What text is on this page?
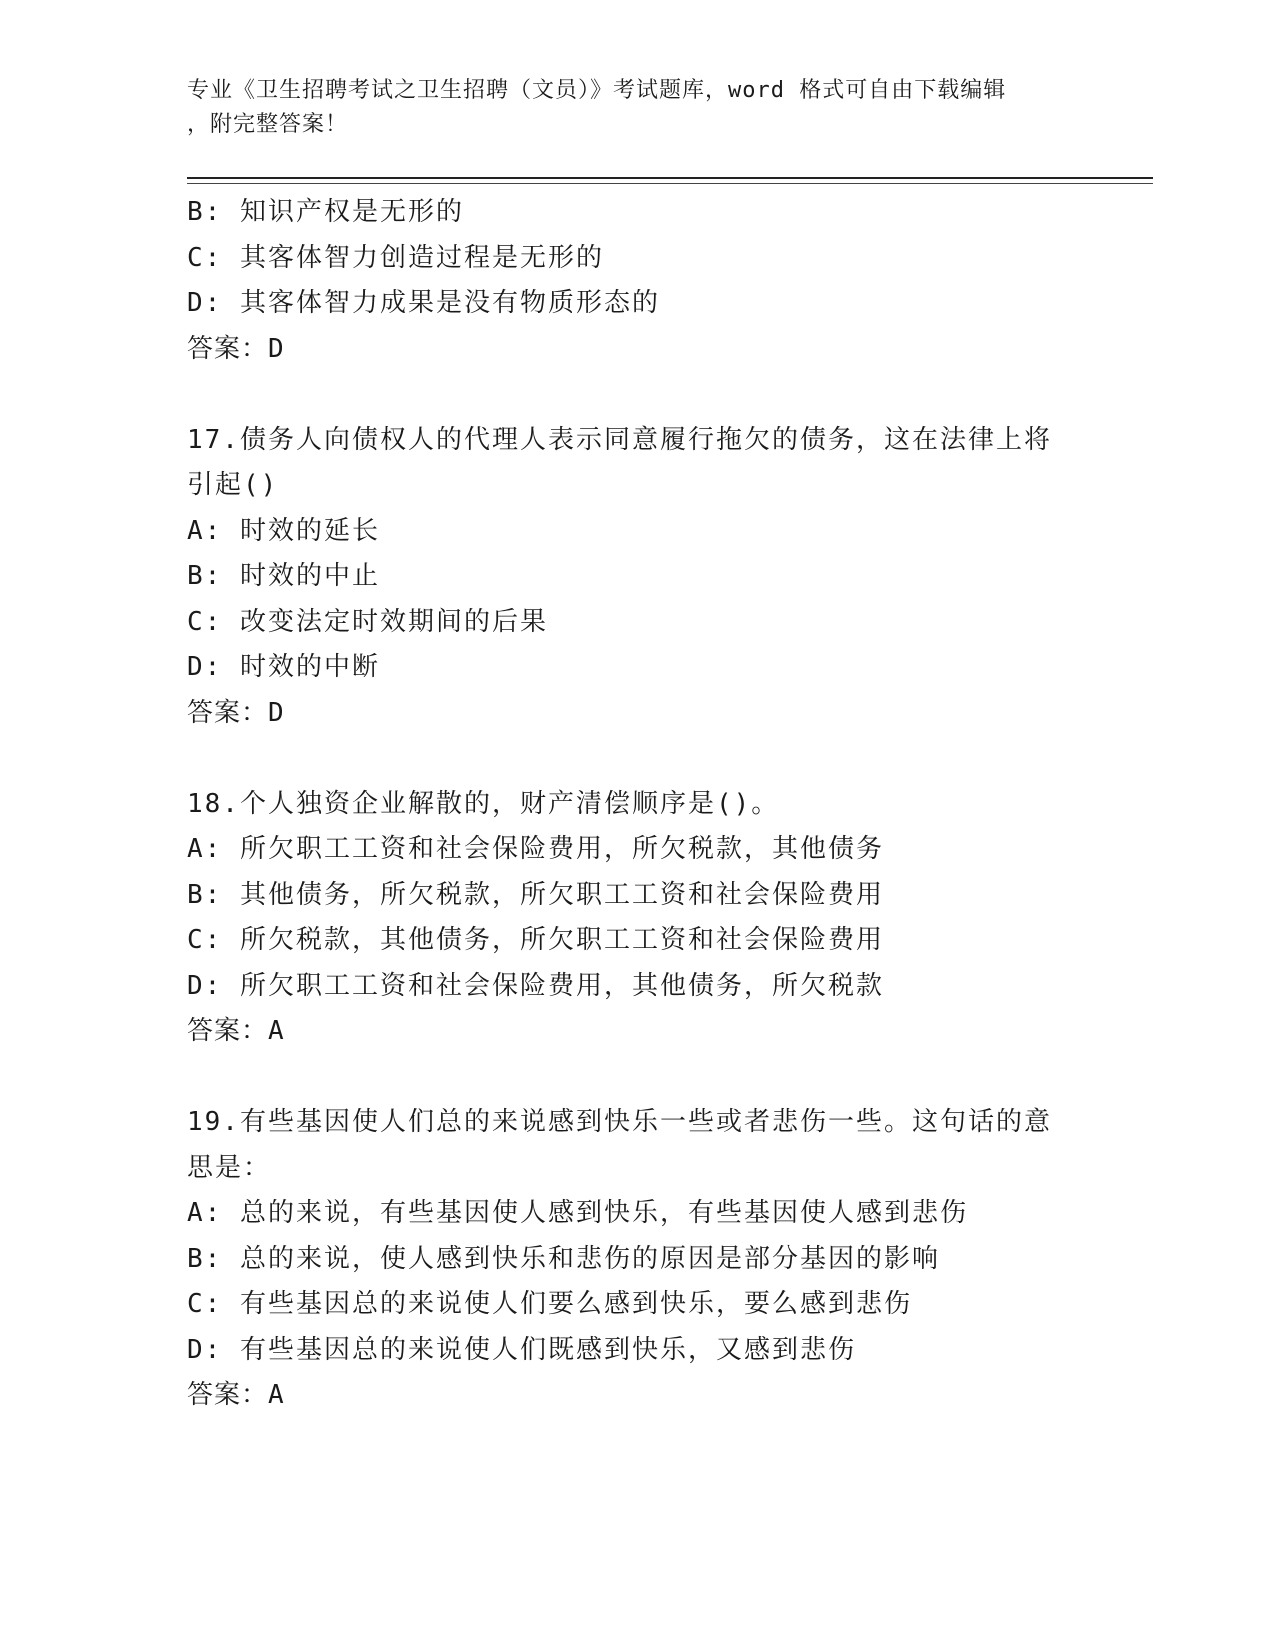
专业《卫生招聘考试之卫生招聘（文员）》考试题库，word 格式可自由下载编辑
，附完整答案！
B: 知识产权是无形的
C: 其客体智力创造过程是无形的
D: 其客体智力成果是没有物质形态的
答案：D
17.债务人向债权人的代理人表示同意履行拖欠的债务，这在法律上将
引起()
A: 时效的延长
B: 时效的中止
C: 改变法定时效期间的后果
D: 时效的中断
答案：D
18.个人独资企业解散的，财产清偿顺序是()。
A: 所欠职工工资和社会保险费用，所欠税款，其他债务
B: 其他债务，所欠税款，所欠职工工资和社会保险费用
C: 所欠税款，其他债务，所欠职工工资和社会保险费用
D: 所欠职工工资和社会保险费用，其他债务，所欠税款
答案：A
19.有些基因使人们总的来说感到快乐一些或者悲伤一些。这句话的意
思是：
A: 总的来说，有些基因使人感到快乐，有些基因使人感到悲伤
B: 总的来说，使人感到快乐和悲伤的原因是部分基因的影响
C: 有些基因总的来说使人们要么感到快乐，要么感到悲伤
D: 有些基因总的来说使人们既感到快乐，又感到悲伤
答案：A
